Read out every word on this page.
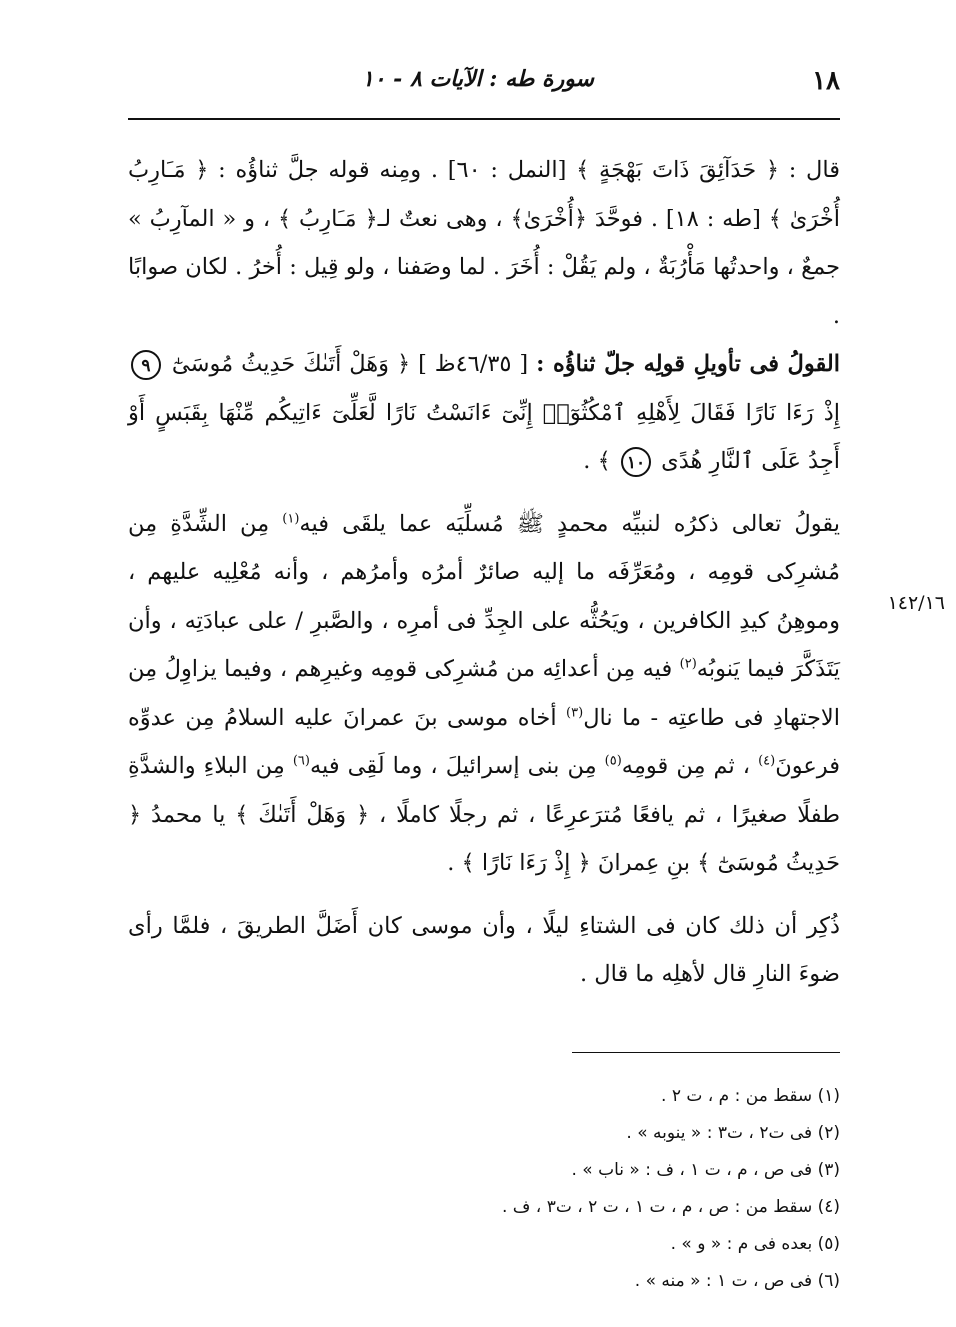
١٨
سورة طه : الآيات ٨ - ١٠

قال : ﴿ حَدَآئِقَ ذَاتَ بَهْجَةٍ ﴾ [النمل : ٦٠] . ومِنه قوله جلَّ ثناؤُه : ﴿ مَـَارِبُ أُخْرَىٰ ﴾ [طه : ١٨] . فوحَّدَ ﴿أُخْرَىٰ﴾ ، وهى نعتٌ لـ﴿ مَـَارِبُ ﴾ ، و « المآرِبُ » جمعٌ ، واحدتُها مَأْرُبَةٌ ، ولم يَقُلْ : أُخَرَ . لما وصَفنا ، ولو قِيل : أُخرُ . لكان صوابًا .

القولُ فى تأويلِ قولِه جلّ ثناؤُه : [ ٤٦/٣٥ظ ] ﴿ وَهَلْ أَتَىٰكَ حَدِيثُ مُوسَىٰٓ ٩ إِذْ رَءَا نَارًا فَقَالَ لِأَهْلِهِ ٱمْكُثُوٓا۟ إِنِّىٓ ءَانَسْتُ نَارًا لَّعَلِّىٓ ءَاتِيكُم مِّنْهَا بِقَبَسٍ أَوْ أَجِدُ عَلَى ٱلنَّارِ هُدًى ١٠ ﴾ .

يقولُ تعالى ذكرُه لنبيِّه محمدٍ ﷺ مُسلِّيَه عما يلقَى فيه$^{(١)}$ مِن الشِّدَّةِ مِن مُشرِكى قومِه ، ومُعَرِّفَه ما إليه صائرٌ أمرُه وأمرُهم ، وأنه مُعْلِيه عليهم ، وموهِنُ كيدِ الكافرين ، ويَحُثُّه على الجِدِّ فى أمرِه ، والصَّبرِ / على عبادَتِه ، وأن يَتَذَكَّرَ فيما يَنوبُه$^{(٢)}$ فيه مِن أعدائِه من مُشرِكى قومِه وغيرِهم ، وفيما يزاوِلُ مِن الاجتهادِ فى طاعتِه - ما نال$^{(٣)}$ أخاه موسى بنَ عمرانَ عليه السلامُ مِن عدوِّه فرعونَ$^{(٤)}$ ، ثم مِن قومِه$^{(٥)}$ مِن بنى إسرائيلَ ، وما لَقِى فيه$^{(٦)}$ مِن البلاءِ والشدَّةِ طفلًا صغيرًا ، ثم يافعًا مُترَعرِعًا ، ثم رجلًا كاملًا ، ﴿ وَهَلْ أَتَىٰكَ ﴾ يا محمدُ ﴿ حَدِيثُ مُوسَىٰٓ ﴾ بنِ عِمرانَ ﴿ إِذْ رَءَا نَارًا ﴾ .

ذُكِر أن ذلك كان فى الشتاءِ ليلًا ، وأن موسى كان أَضَلَّ الطريقَ ، فلمَّا رأى ضوءَ النارِ قال لأهلِه ما قال .

١٤٢/١٦
(١) سقط من : م ، ت ٢ .
(٢) فى ت٢ ، ت٣ : « ينوبه » .
(٣) فى ص ، م ، ت ١ ، ف : « ناب » .
(٤) سقط من : ص ، م ، ت ١ ، ت ٢ ، ت٣ ، ف .
(٥) بعده فى م : « و » .
(٦) فى ص ، ت ١ : « منه » .
